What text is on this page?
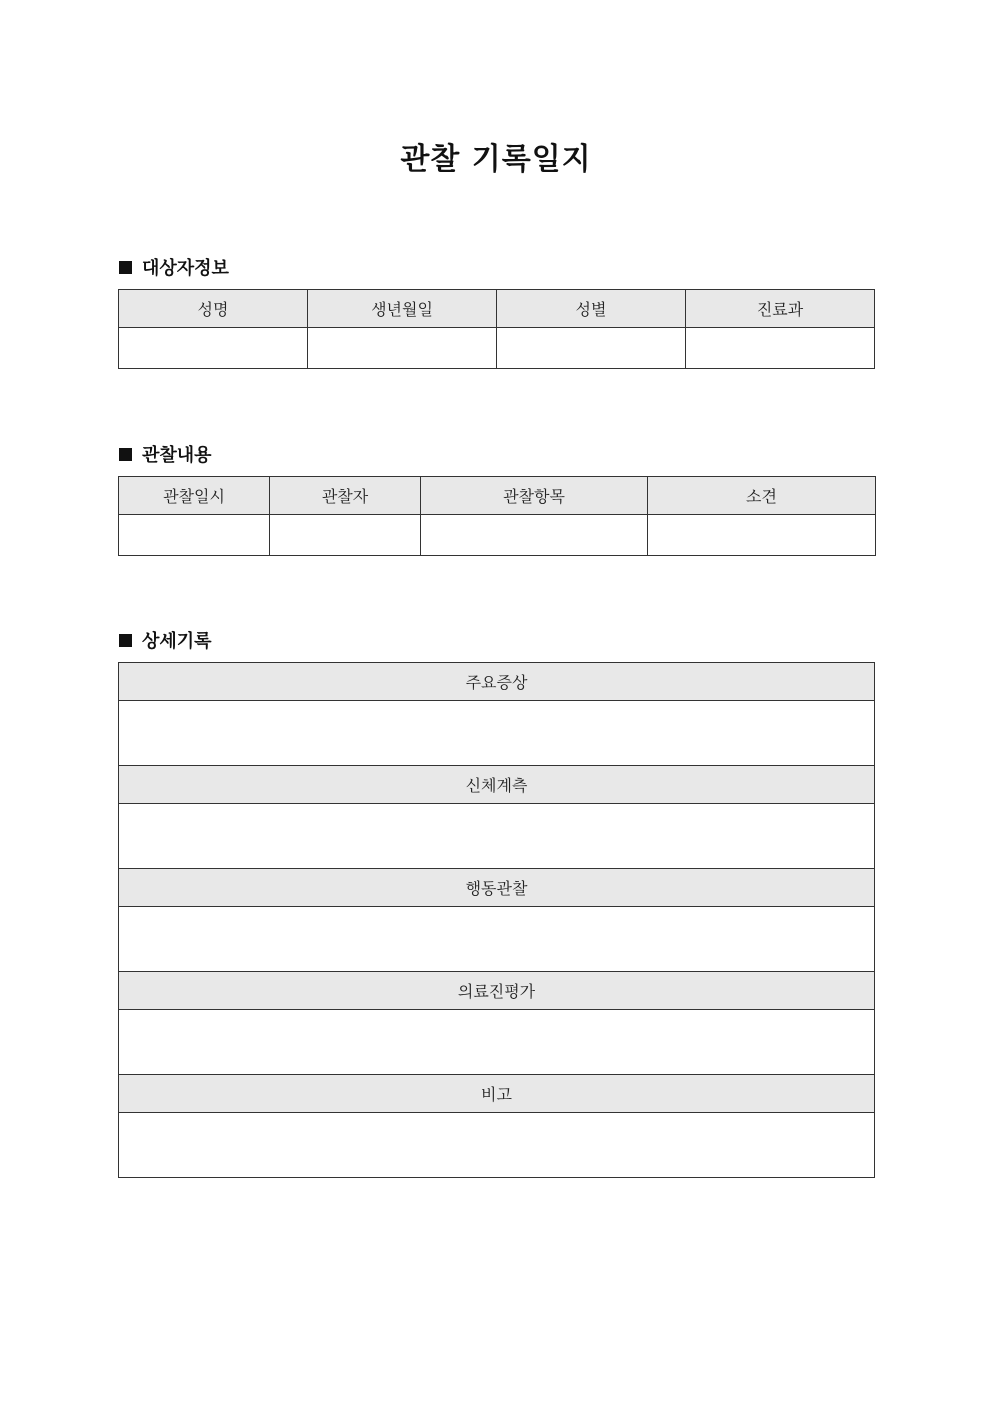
관찰 기록일지
대상자정보
성명	생년월일	성별	진료과

관찰내용
관찰일시	관찰자	관찰항목	소견

상세기록
주요증상

신체계측

행동관찰

의료진평가

비고
